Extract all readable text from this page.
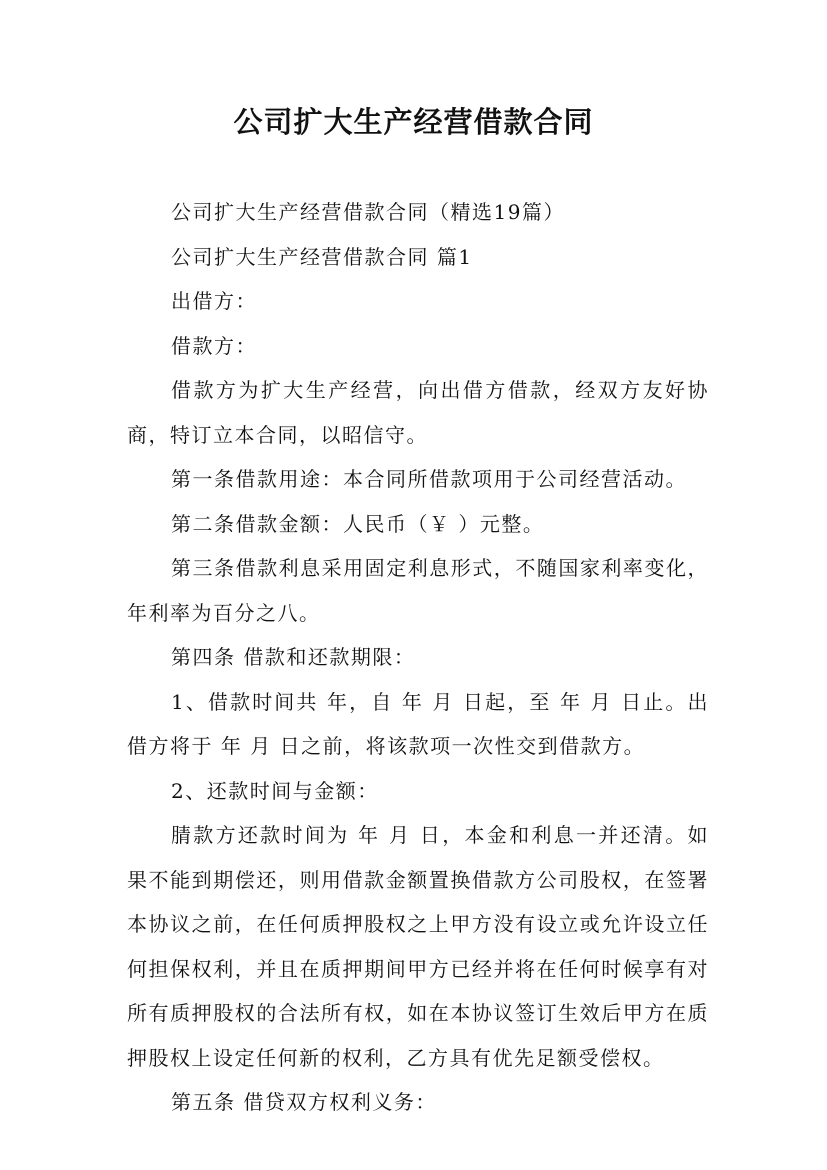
公司扩大生产经营借款合同

公司扩大生产经营借款合同（精选19篇）

公司扩大生产经营借款合同 篇1

出借方：

借款方：

借款方为扩大生产经营，向出借方借款，经双方友好协商，特订立本合同，以昭信守。

第一条借款用途：本合同所借款项用于公司经营活动。

第二条借款金额：人民币（￥ ）元整。

第三条借款利息采用固定利息形式，不随国家利率变化，年利率为百分之八。

第四条 借款和还款期限：

1、借款时间共 年，自 年 月 日起，至 年 月 日止。出借方将于 年 月 日之前，将该款项一次性交到借款方。

2、还款时间与金额：

腈款方还款时间为 年 月 日，本金和利息一并还清。如果不能到期偿还，则用借款金额置换借款方公司股权，在签署本协议之前，在任何质押股权之上甲方没有设立或允许设立任何担保权利，并且在质押期间甲方已经并将在任何时候享有对所有质押股权的合法所有权，如在本协议签订生效后甲方在质押股权上设定任何新的权利，乙方具有优先足额受偿权。

第五条 借贷双方权利义务：
